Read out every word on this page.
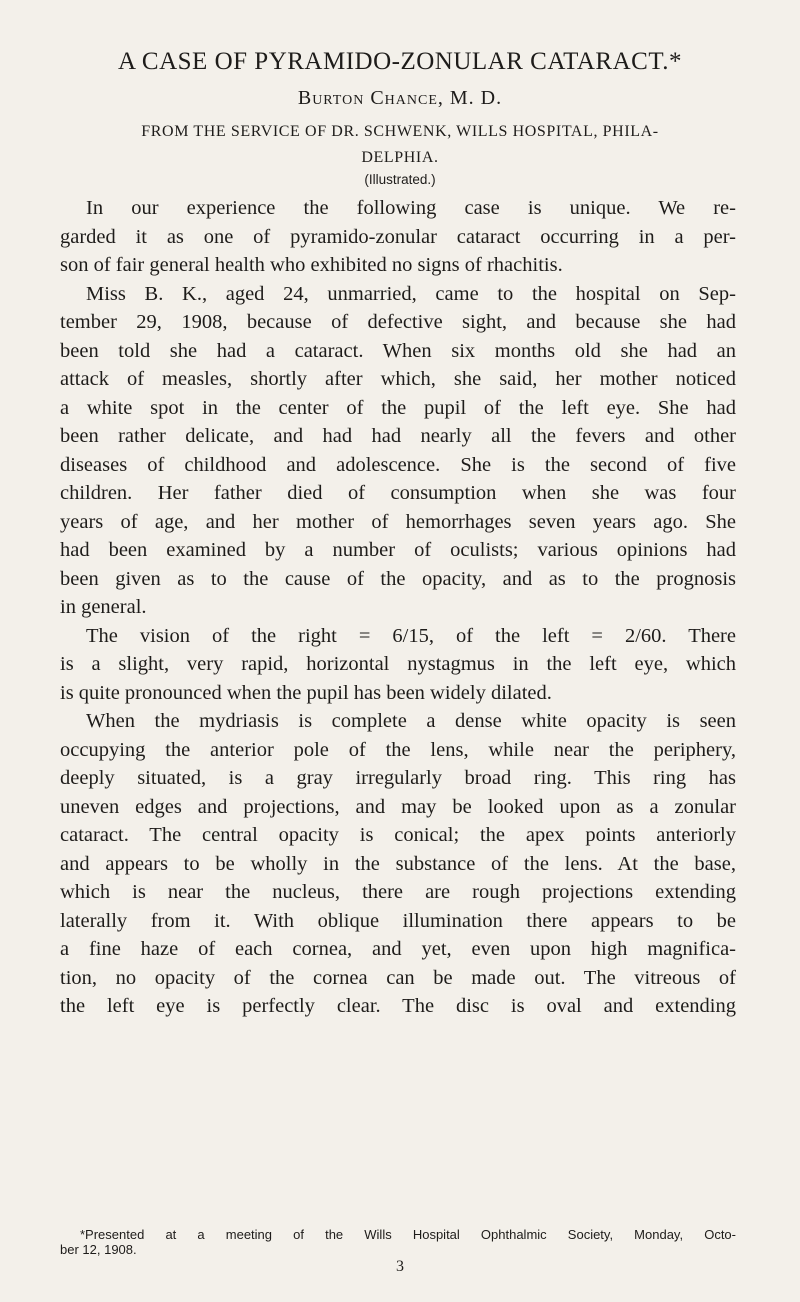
A CASE OF PYRAMIDO-ZONULAR CATARACT.*
Burton Chance, M. D.
FROM THE SERVICE OF DR. SCHWENK, WILLS HOSPITAL, PHILA-
DELPHIA.
(Illustrated.)
In our experience the following case is unique. We re-
garded it as one of pyramido-zonular cataract occurring in a per-
son of fair general health who exhibited no signs of rhachitis.
Miss B. K., aged 24, unmarried, came to the hospital on Sep-
tember 29, 1908, because of defective sight, and because she had
been told she had a cataract. When six months old she had an
attack of measles, shortly after which, she said, her mother noticed
a white spot in the center of the pupil of the left eye. She had
been rather delicate, and had had nearly all the fevers and other
diseases of childhood and adolescence. She is the second of five
children. Her father died of consumption when she was four
years of age, and her mother of hemorrhages seven years ago. She
had been examined by a number of oculists; various opinions had
been given as to the cause of the opacity, and as to the prognosis
in general.
The vision of the right = 6/15, of the left = 2/60. There
is a slight, very rapid, horizontal nystagmus in the left eye, which
is quite pronounced when the pupil has been widely dilated.
When the mydriasis is complete a dense white opacity is seen
occupying the anterior pole of the lens, while near the periphery,
deeply situated, is a gray irregularly broad ring. This ring has
uneven edges and projections, and may be looked upon as a zonular
cataract. The central opacity is conical; the apex points anteriorly
and appears to be wholly in the substance of the lens. At the base,
which is near the nucleus, there are rough projections extending
laterally from it. With oblique illumination there appears to be
a fine haze of each cornea, and yet, even upon high magnifica-
tion, no opacity of the cornea can be made out. The vitreous of
the left eye is perfectly clear. The disc is oval and extending
*Presented at a meeting of the Wills Hospital Ophthalmic Society, Monday, Octo-
ber 12, 1908.
3
